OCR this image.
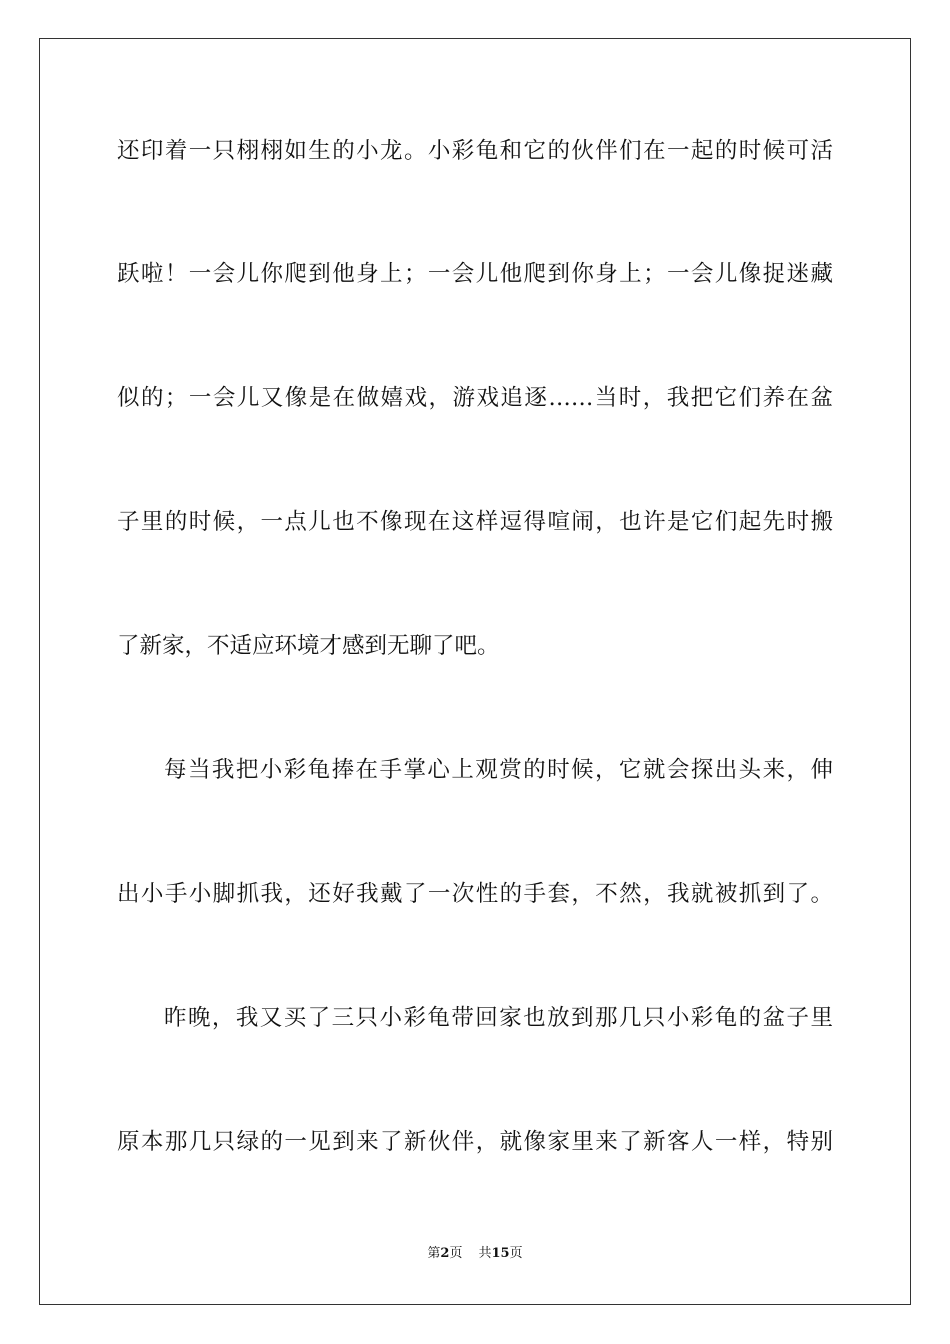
还印着一只栩栩如生的小龙。小彩龟和它的伙伴们在一起的时候可活
跃啦！一会儿你爬到他身上；一会儿他爬到你身上；一会儿像捉迷藏
似的；一会儿又像是在做嬉戏，游戏追逐……当时，我把它们养在盆
子里的时候，一点儿也不像现在这样逗得喧闹，也许是它们起先时搬
了新家，不适应环境才感到无聊了吧。
每当我把小彩龟捧在手掌心上观赏的时候，它就会探出头来，伸
出小手小脚抓我，还好我戴了一次性的手套，不然，我就被抓到了。
昨晚，我又买了三只小彩龟带回家也放到那几只小彩龟的盆子里
原本那几只绿的一见到来了新伙伴，就像家里来了新客人一样，特别
第2页 共15页
